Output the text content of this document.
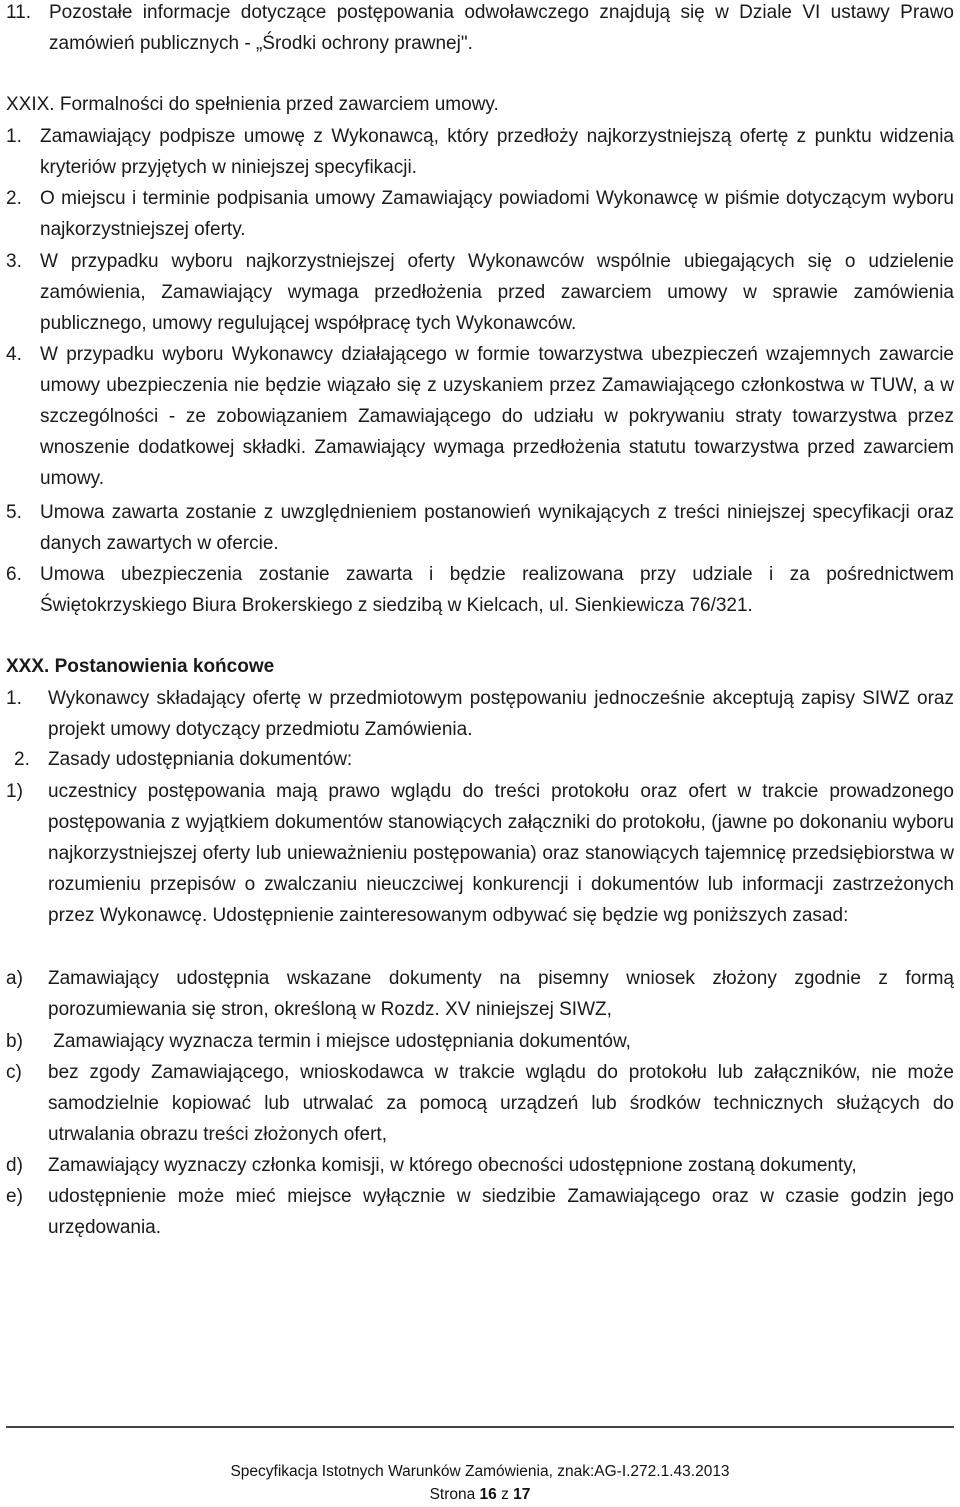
11. Pozostałe informacje dotyczące postępowania odwoławczego znajdują się w Dziale VI ustawy Prawo zamówień publicznych - „Środki ochrony prawnej".
XXIX. Formalności do spełnienia przed zawarciem umowy.
1. Zamawiający podpisze umowę z Wykonawcą, który przedłoży najkorzystniejszą ofertę z punktu widzenia kryteriów przyjętych w niniejszej specyfikacji.
2. O miejscu i terminie podpisania umowy Zamawiający powiadomi Wykonawcę w piśmie dotyczącym wyboru najkorzystniejszej oferty.
3. W przypadku wyboru najkorzystniejszej oferty Wykonawców wspólnie ubiegających się o udzielenie zamówienia, Zamawiający wymaga przedłożenia przed zawarciem umowy w sprawie zamówienia publicznego, umowy regulującej współpracę tych Wykonawców.
4. W przypadku wyboru Wykonawcy działającego w formie towarzystwa ubezpieczeń wzajemnych zawarcie umowy ubezpieczenia nie będzie wiązało się z uzyskaniem przez Zamawiającego członkostwa w TUW, a w szczególności - ze zobowiązaniem Zamawiającego do udziału w pokrywaniu straty towarzystwa przez wnoszenie dodatkowej składki. Zamawiający wymaga przedłożenia statutu towarzystwa przed zawarciem umowy.
5. Umowa zawarta zostanie z uwzględnieniem postanowień wynikających z treści niniejszej specyfikacji oraz danych zawartych w ofercie.
6. Umowa ubezpieczenia zostanie zawarta i będzie realizowana przy udziale i za pośrednictwem Świętokrzyskiego Biura Brokerskiego z siedzibą w Kielcach, ul. Sienkiewicza 76/321.
XXX. Postanowienia końcowe
1.	Wykonawcy składający ofertę w przedmiotowym postępowaniu jednocześnie akceptują zapisy SIWZ oraz projekt umowy dotyczący przedmiotu Zamówienia.
2. Zasady udostępniania dokumentów:
1)	uczestnicy postępowania mają prawo wglądu do treści protokołu oraz ofert w trakcie prowadzonego postępowania z wyjątkiem dokumentów stanowiących załączniki do protokołu, (jawne po dokonaniu wyboru najkorzystniejszej oferty lub unieważnieniu postępowania) oraz stanowiących tajemnicę przedsiębiorstwa w rozumieniu przepisów o zwalczaniu nieuczciwej konkurencji i dokumentów lub informacji zastrzeżonych przez Wykonawcę. Udostępnienie zainteresowanym odbywać się będzie wg poniższych zasad:
a)	Zamawiający udostępnia wskazane dokumenty na pisemny wniosek złożony zgodnie z formą porozumiewania się stron, określoną w Rozdz. XV niniejszej SIWZ,
b)	Zamawiający wyznacza termin i miejsce udostępniania dokumentów,
c)	bez zgody Zamawiającego, wnioskodawca w trakcie wglądu do protokołu lub załączników, nie może samodzielnie kopiować lub utrwalać za pomocą urządzeń lub środków technicznych służących do utrwalania obrazu treści złożonych ofert,
d)	Zamawiający wyznaczy członka komisji, w którego obecności udostępnione zostaną dokumenty,
e)	udostępnienie może mieć miejsce wyłącznie w siedzibie Zamawiającego oraz w czasie godzin jego urzędowania.
Specyfikacja Istotnych Warunków Zamówienia, znak:AG-I.272.1.43.2013
Strona 16 z 17
